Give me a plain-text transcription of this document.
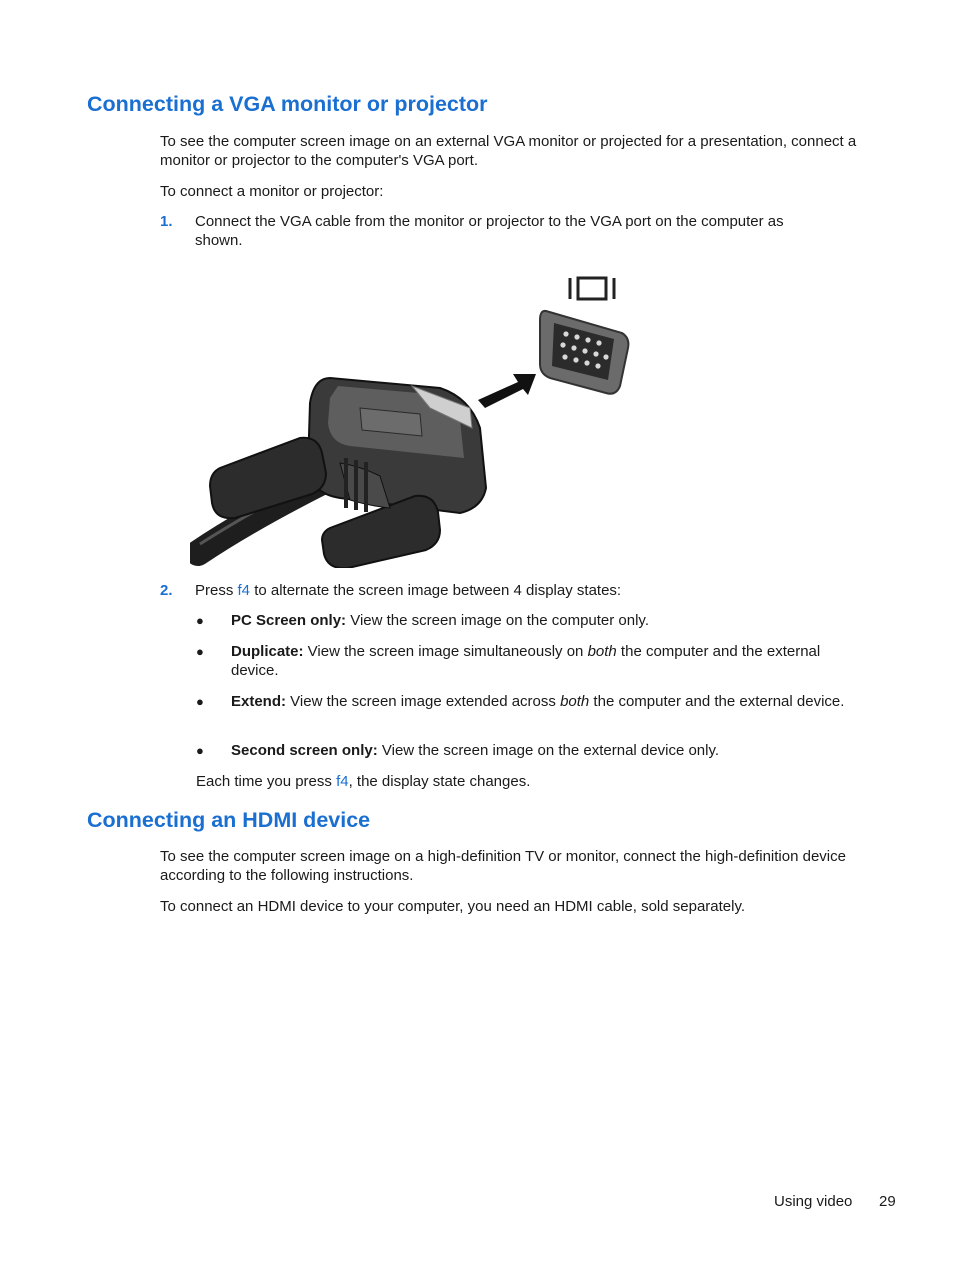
Connecting a VGA monitor or projector

To see the computer screen image on an external VGA monitor or projected for a presentation, connect a monitor or projector to the computer's VGA port.

To connect a monitor or projector:

1. Connect the VGA cable from the monitor or projector to the VGA port on the computer as shown.
2. Press f4 to alternate the screen image between 4 display states:
● PC Screen only: View the screen image on the computer only.
● Duplicate: View the screen image simultaneously on both the computer and the external device.
● Extend: View the screen image extended across both the computer and the external device.
● Second screen only: View the screen image on the external device only.

Each time you press f4, the display state changes.

Connecting an HDMI device

To see the computer screen image on a high-definition TV or monitor, connect the high-definition device according to the following instructions.

To connect an HDMI device to your computer, you need an HDMI cable, sold separately.

Using video 29
